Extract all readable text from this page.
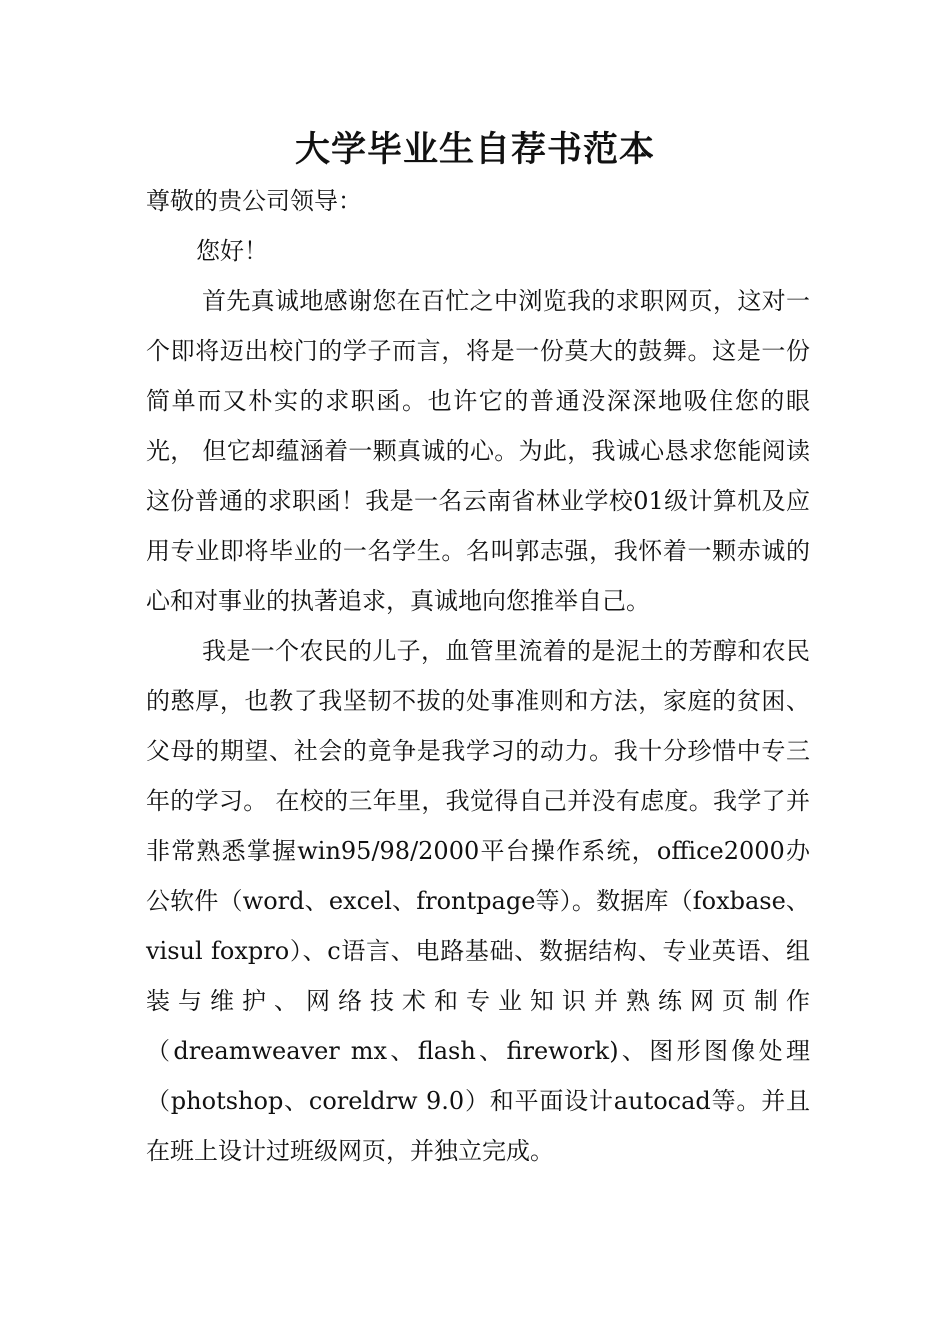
大学毕业生自荐书范本

尊敬的贵公司领导：

您好！

首先真诚地感谢您在百忙之中浏览我的求职网页，这对一个即将迈出校门的学子而言，将是一份莫大的鼓舞。这是一份简单而又朴实的求职函。也许它的普通没深深地吸住您的眼光， 但它却蕴涵着一颗真诚的心。为此，我诚心恳求您能阅读这份普通的求职函！我是一名云南省林业学校01级计算机及应用专业即将毕业的一名学生。名叫郭志强，我怀着一颗赤诚的心和对事业的执著追求，真诚地向您推举自己。

我是一个农民的儿子，血管里流着的是泥土的芳醇和农民的憨厚，也教了我坚韧不拔的处事准则和方法，家庭的贫困、父母的期望、社会的竟争是我学习的动力。我十分珍惜中专三年的学习。 在校的三年里，我觉得自己并没有虑度。我学了并非常熟悉掌握win95/98/2000平台操作系统，office2000办公软件（word、excel、frontpage等）。数据库（foxbase、visul foxpro）、c语言、电路基础、数据结构、专业英语、组装与维护、网络技术和专业知识并熟练网页制作（dreamweaver mx、flash、firework)、图形图像处理（photshop、coreldrw 9.0）和平面设计autocad等。并且在班上设计过班级网页，并独立完成。
